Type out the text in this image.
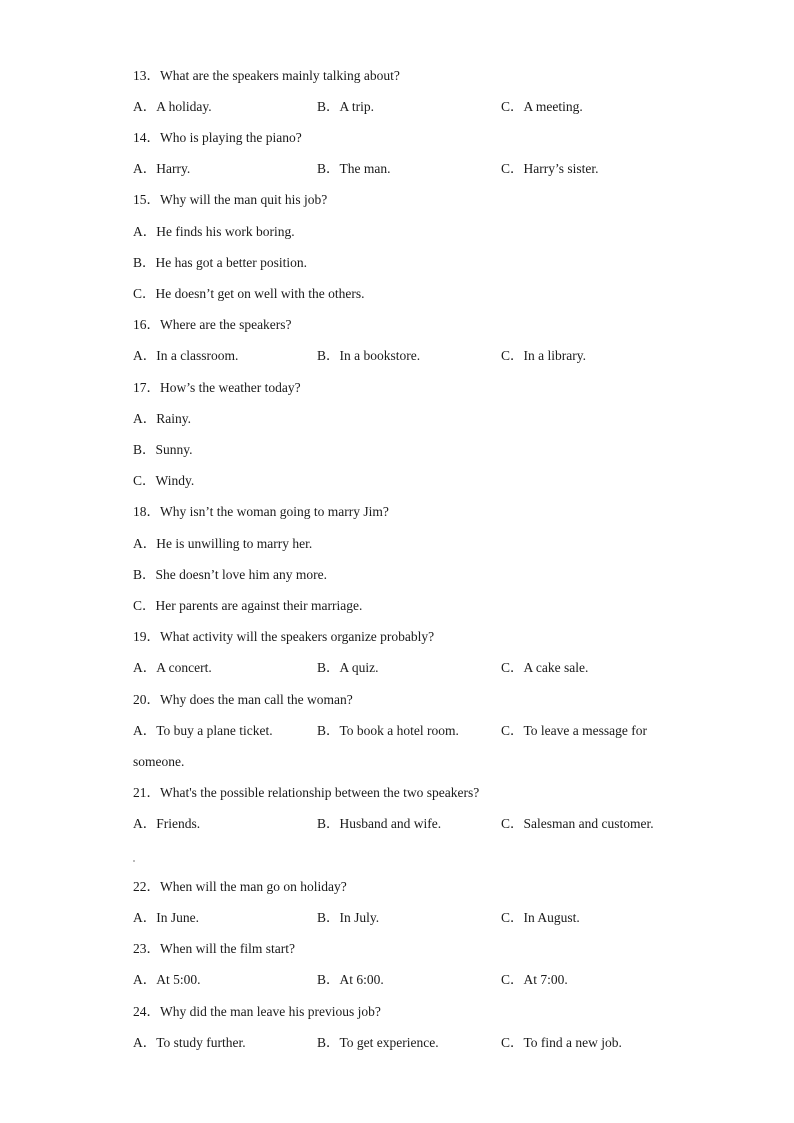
13．What are the speakers mainly talking about?
A．A holiday.	B．A trip.	C．A meeting.
14．Who is playing the piano?
A．Harry.	B．The man.	C．Harry’s sister.
15．Why will the man quit his job?
A．He finds his work boring.
B．He has got a better position.
C．He doesn’t get on well with the others.
16．Where are the speakers?
A．In a classroom.	B．In a bookstore.	C．In a library.
17．How’s the weather today?
A．Rainy.
B．Sunny.
C．Windy.
18．Why isn’t the woman going to marry Jim?
A．He is unwilling to marry her.
B．She doesn’t love him any more.
C．Her parents are against their marriage.
19．What activity will the speakers organize probably?
A．A concert.	B．A quiz.	C．A cake sale.
20．Why does the man call the woman?
A．To buy a plane ticket.	B．To book a hotel room.	C．To leave a message for
someone.
21．What's the possible relationship between the two speakers?
A．Friends.	B．Husband and wife.	C．Salesman and customer.
22．When will the man go on holiday?
A．In June.	B．In July.	C．In August.
23．When will the film start?
A．At 5:00.	B．At 6:00.	C．At 7:00.
24．Why did the man leave his previous job?
A．To study further.	B．To get experience.	C．To find a new job.
